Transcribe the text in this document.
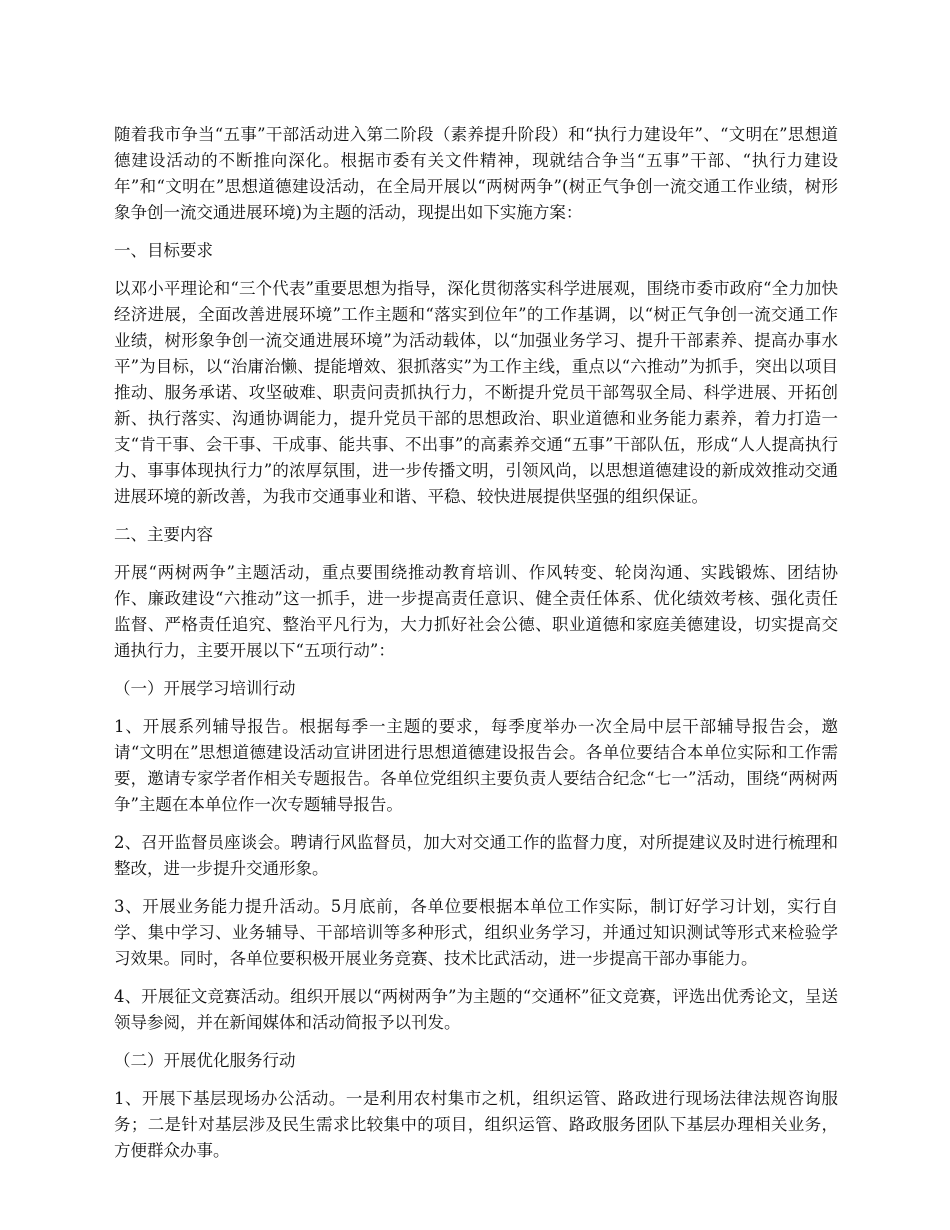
随着我市争当“五事”干部活动进入第二阶段（素养提升阶段）和“执行力建设年”、“文明在”思想道德建设活动的不断推向深化。根据市委有关文件精神，现就结合争当“五事”干部、“执行力建设年”和“文明在”思想道德建设活动，在全局开展以“两树两争”(树正气争创一流交通工作业绩，树形象争创一流交通进展环境)为主题的活动，现提出如下实施方案：

一、目标要求

以邓小平理论和“三个代表”重要思想为指导，深化贯彻落实科学进展观，围绕市委市政府“全力加快经济进展，全面改善进展环境”工作主题和“落实到位年”的工作基调，以“树正气争创一流交通工作业绩，树形象争创一流交通进展环境”为活动载体，以“加强业务学习、提升干部素养、提高办事水平”为目标，以“治庸治懒、提能增效、狠抓落实”为工作主线，重点以“六推动”为抓手，突出以项目推动、服务承诺、攻坚破难、职责问责抓执行力，不断提升党员干部驾驭全局、科学进展、开拓创新、执行落实、沟通协调能力，提升党员干部的思想政治、职业道德和业务能力素养，着力打造一支“肯干事、会干事、干成事、能共事、不出事”的高素养交通“五事”干部队伍，形成“人人提高执行力、事事体现执行力”的浓厚氛围，进一步传播文明，引领风尚，以思想道德建设的新成效推动交通进展环境的新改善，为我市交通事业和谐、平稳、较快进展提供坚强的组织保证。

二、主要内容

开展“两树两争”主题活动，重点要围绕推动教育培训、作风转变、轮岗沟通、实践锻炼、团结协作、廉政建设“六推动”这一抓手，进一步提高责任意识、健全责任体系、优化绩效考核、强化责任监督、严格责任追究、整治平凡行为，大力抓好社会公德、职业道德和家庭美德建设，切实提高交通执行力，主要开展以下“五项行动”：

（一）开展学习培训行动

1、开展系列辅导报告。根据每季一主题的要求，每季度举办一次全局中层干部辅导报告会，邀请“文明在”思想道德建设活动宣讲团进行思想道德建设报告会。各单位要结合本单位实际和工作需要，邀请专家学者作相关专题报告。各单位党组织主要负责人要结合纪念“七一”活动，围绕“两树两争”主题在本单位作一次专题辅导报告。

2、召开监督员座谈会。聘请行风监督员，加大对交通工作的监督力度，对所提建议及时进行梳理和整改，进一步提升交通形象。

3、开展业务能力提升活动。5月底前，各单位要根据本单位工作实际，制订好学习计划，实行自学、集中学习、业务辅导、干部培训等多种形式，组织业务学习，并通过知识测试等形式来检验学习效果。同时，各单位要积极开展业务竞赛、技术比武活动，进一步提高干部办事能力。

4、开展征文竞赛活动。组织开展以“两树两争”为主题的“交通杯”征文竞赛，评选出优秀论文，呈送领导参阅，并在新闻媒体和活动简报予以刊发。

（二）开展优化服务行动

1、开展下基层现场办公活动。一是利用农村集市之机，组织运管、路政进行现场法律法规咨询服务；二是针对基层涉及民生需求比较集中的项目，组织运管、路政服务团队下基层办理相关业务，方便群众办事。
